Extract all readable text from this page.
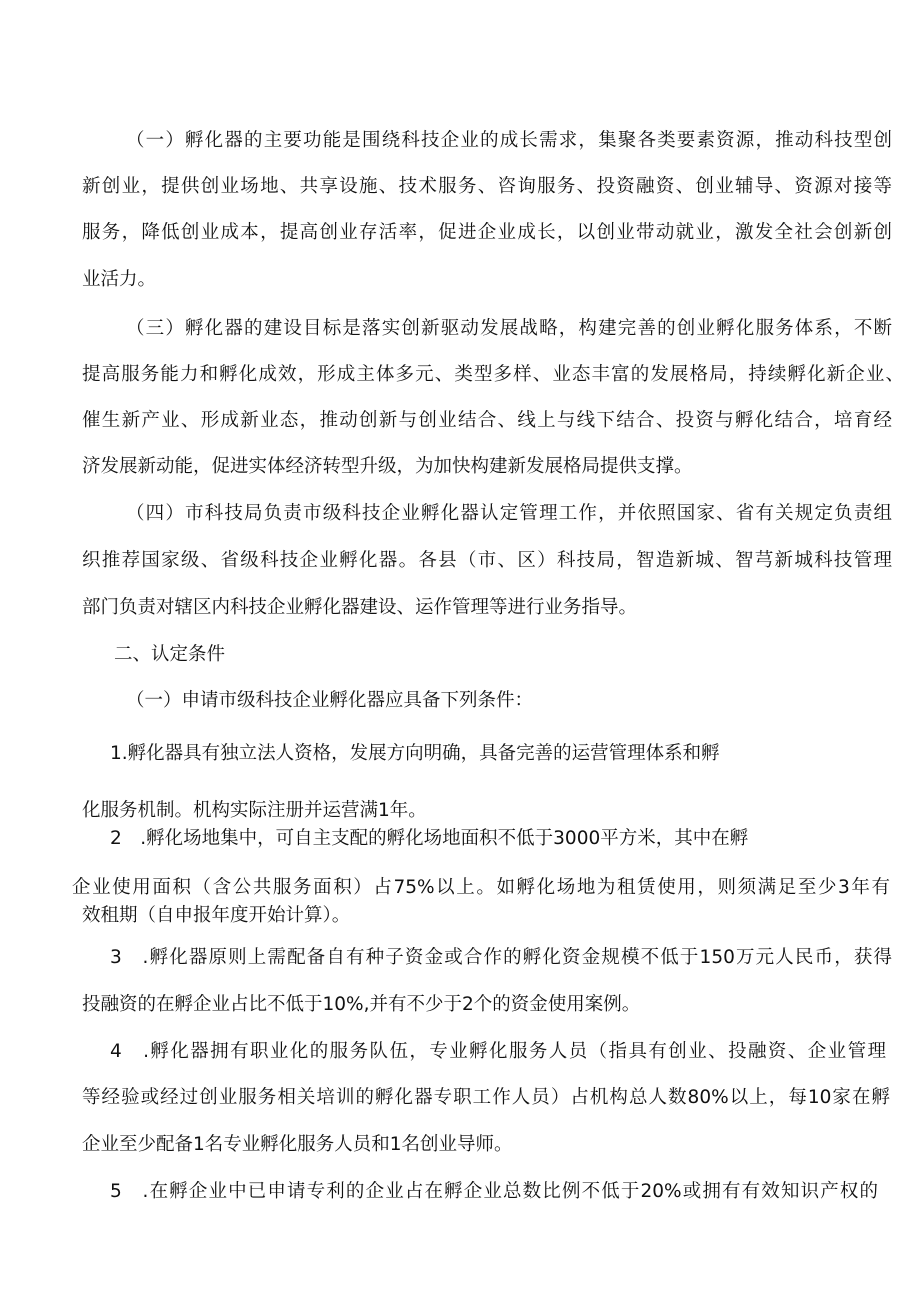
（一）孵化器的主要功能是围绕科技企业的成长需求，集聚各类要素资源，推动科技型创

新创业，提供创业场地、共享设施、技术服务、咨询服务、投资融资、创业辅导、资源对接等

服务，降低创业成本，提高创业存活率，促进企业成长，以创业带动就业，激发全社会创新创

业活力。

（三）孵化器的建设目标是落实创新驱动发展战略，构建完善的创业孵化服务体系，不断

提高服务能力和孵化成效，形成主体多元、类型多样、业态丰富的发展格局，持续孵化新企业、

催生新产业、形成新业态，推动创新与创业结合、线上与线下结合、投资与孵化结合，培育经

济发展新动能，促进实体经济转型升级，为加快构建新发展格局提供支撑。

（四）市科技局负责市级科技企业孵化器认定管理工作，并依照国家、省有关规定负责组

织推荐国家级、省级科技企业孵化器。各县（市、区）科技局，智造新城、智芎新城科技管理

部门负责对辖区内科技企业孵化器建设、运作管理等进行业务指导。

二、认定条件

（一）申请市级科技企业孵化器应具备下列条件：

1.孵化器具有独立法人资格，发展方向明确，具备完善的运营管理体系和孵

化服务机制。机构实际注册并运营满1年。

2　.孵化场地集中，可自主支配的孵化场地面积不低于3000平方米，其中在孵

企业使用面积（含公共服务面积）占75%以上。如孵化场地为租赁使用，则须满足至少3年有

效租期（自申报年度开始计算）。

3　.孵化器原则上需配备自有种子资金或合作的孵化资金规模不低于150万元人民币，获得

投融资的在孵企业占比不低于10%,并有不少于2个的资金使用案例。

4　.孵化器拥有职业化的服务队伍，专业孵化服务人员（指具有创业、投融资、企业管理

等经验或经过创业服务相关培训的孵化器专职工作人员）占机构总人数80%以上，每10家在孵

企业至少配备1名专业孵化服务人员和1名创业导师。

5　.在孵企业中已申请专利的企业占在孵企业总数比例不低于20%或拥有有效知识产权的
